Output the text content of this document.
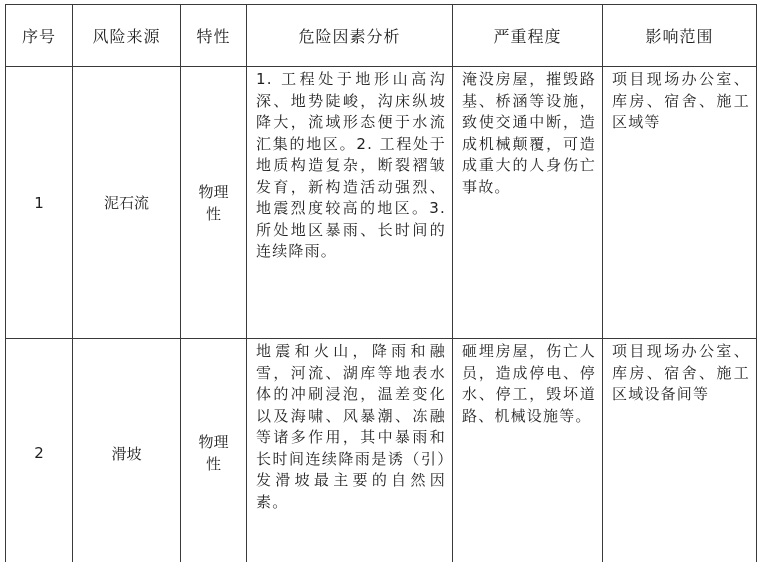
序号	风险来源	特性	危险因素分析	严重程度	影响范围
1	泥石流	物理性	1. 工程处于地形山高沟深、地势陡峻，沟床纵坡降大，流域形态便于水流汇集的地区。2. 工程处于地质构造复杂，断裂褶皱发育，新构造活动强烈、地震烈度较高的地区。3. 所处地区暴雨、长时间的连续降雨。	淹没房屋，摧毁路基、桥涵等设施，致使交通中断，造成机械颠覆，可造成重大的人身伤亡事故。	项目现场办公室、库房、宿舍、施工区域等
2	滑坡	物理性	地震和火山，降雨和融雪，河流、湖库等地表水体的冲刷浸泡，温差变化以及海啸、风暴潮、冻融等诸多作用，其中暴雨和长时间连续降雨是诱（引）发滑坡最主要的自然因素。	砸埋房屋，伤亡人员，造成停电、停水、停工，毁坏道路、机械设施等。	项目现场办公室、库房、宿舍、施工区域设备间等
